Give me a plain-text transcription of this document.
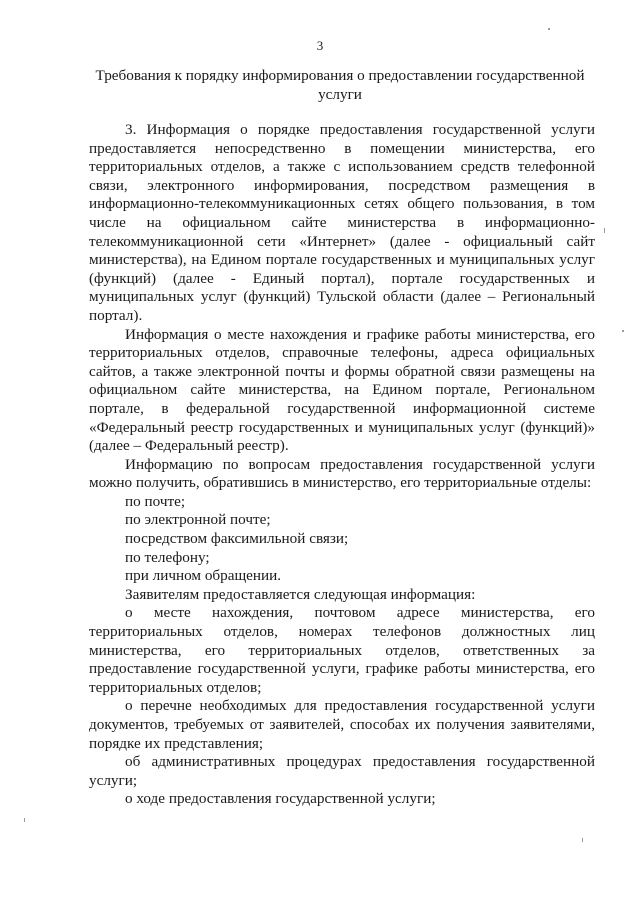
3
Требования к порядку информирования о предоставлении государственной услуги

3. Информация о порядке предоставления государственной услуги предоставляется непосредственно в помещении министерства, его территориальных отделов, а также с использованием средств телефонной связи, электронного информирования, посредством размещения в информационно-телекоммуникационных сетях общего пользования, в том числе на официальном сайте министерства в информационно-телекоммуникационной сети «Интернет» (далее - официальный сайт министерства), на Едином портале государственных и муниципальных услуг (функций) (далее - Единый портал), портале государственных и муниципальных услуг (функций) Тульской области (далее – Региональный портал).

Информация о месте нахождения и графике работы министерства, его территориальных отделов, справочные телефоны, адреса официальных сайтов, а также электронной почты и формы обратной связи размещены на официальном сайте министерства, на Едином портале, Региональном портале, в федеральной государственной информационной системе «Федеральный реестр государственных и муниципальных услуг (функций)» (далее – Федеральный реестр).

Информацию по вопросам предоставления государственной услуги можно получить, обратившись в министерство, его территориальные отделы:

по почте;

по электронной почте;

посредством факсимильной связи;

по телефону;

при личном обращении.

Заявителям предоставляется следующая информация:

о месте нахождения, почтовом адресе министерства, его территориальных отделов, номерах телефонов должностных лиц министерства, его территориальных отделов, ответственных за предоставление государственной услуги, графике работы министерства, его территориальных отделов;

о перечне необходимых для предоставления государственной услуги документов, требуемых от заявителей, способах их получения заявителями, порядке их представления;

об административных процедурах предоставления государственной услуги;

о ходе предоставления государственной услуги;
